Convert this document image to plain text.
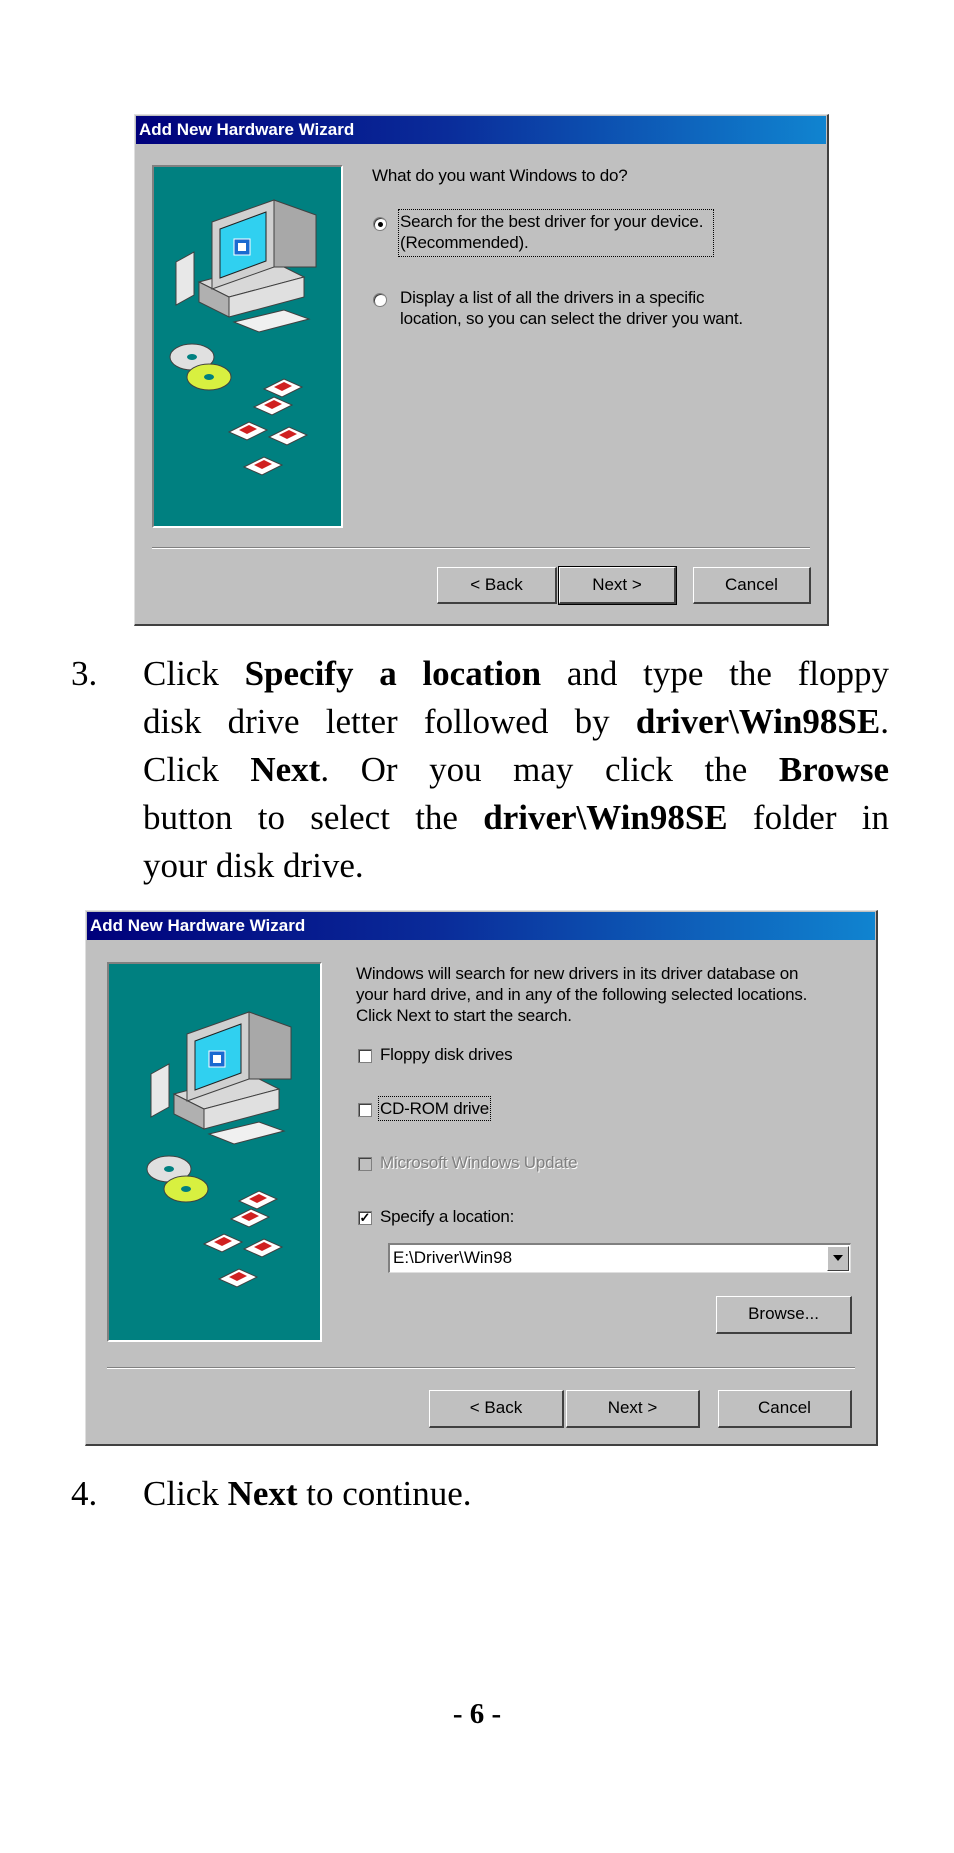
Add New Hardware Wizard
What do you want Windows to do?
Search for the best driver for your device.
(Recommended).
Display a list of all the drivers in a specific
location, so you can select the driver you want.
< Back	Next >	Cancel
3. Click Specify a location and type the floppy
disk drive letter followed by driver\Win98SE.
Click Next. Or you may click the Browse
button to select the driver\Win98SE folder in
your disk drive.
Add New Hardware Wizard
Windows will search for new drivers in its driver database on
your hard drive, and in any of the following selected locations.
Click Next to start the search.
Floppy disk drives
CD-ROM drive
Microsoft Windows Update
✓ Specify a location:
E:\Driver\Win98
Browse...
< Back	Next >	Cancel
4. Click Next to continue.
- 6 -
